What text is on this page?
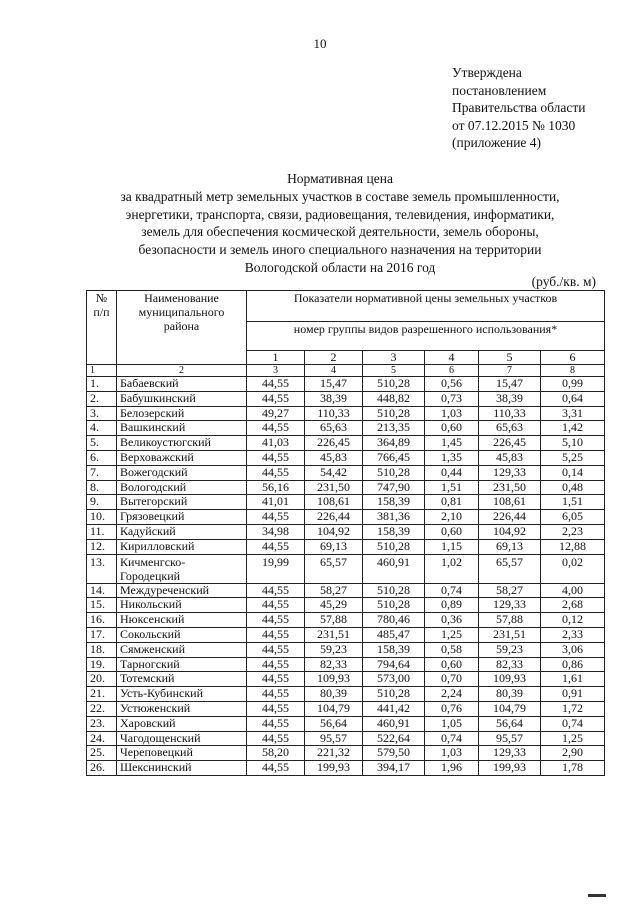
10
Утверждена
постановлением
Правительства области
от 07.12.2015 № 1030
(приложение 4)
Нормативная цена
за квадратный метр земельных участков в составе земель промышленности,
энергетики, транспорта, связи, радиовещания, телевидения, информатики,
земель для обеспечения космической деятельности, земель обороны,
безопасности и земель иного специального назначения на территории
Вологодской области на 2016 год
(руб./кв. м)
№ п/п	Наименование муниципального района	Показатели нормативной цены земельных участков					
		номер группы видов разрешенного использования*					
		1	2	3	4	5	6
1	2	3	4	5	6	7	8
1.	Бабаевский	44,55	15,47	510,28	0,56	15,47	0,99
2.	Бабушкинский	44,55	38,39	448,82	0,73	38,39	0,64
3.	Белозерский	49,27	110,33	510,28	1,03	110,33	3,31
4.	Вашкинский	44,55	65,63	213,35	0,60	65,63	1,42
5.	Великоустюгский	41,03	226,45	364,89	1,45	226,45	5,10
6.	Верховажский	44,55	45,83	766,45	1,35	45,83	5,25
7.	Вожегодский	44,55	54,42	510,28	0,44	129,33	0,14
8.	Вологодский	56,16	231,50	747,90	1,51	231,50	0,48
9.	Вытегорский	41,01	108,61	158,39	0,81	108,61	1,51
10.	Грязовецкий	44,55	226,44	381,36	2,10	226,44	6,05
11.	Кадуйский	34,98	104,92	158,39	0,60	104,92	2,23
12.	Кирилловский	44,55	69,13	510,28	1,15	69,13	12,88
13.	Кичменгско-Городецкий	19,99	65,57	460,91	1,02	65,57	0,02
14.	Междуреченский	44,55	58,27	510,28	0,74	58,27	4,00
15.	Никольский	44,55	45,29	510,28	0,89	129,33	2,68
16.	Нюксенский	44,55	57,88	780,46	0,36	57,88	0,12
17.	Сокольский	44,55	231,51	485,47	1,25	231,51	2,33
18.	Сямженский	44,55	59,23	158,39	0,58	59,23	3,06
19.	Тарногский	44,55	82,33	794,64	0,60	82,33	0,86
20.	Тотемский	44,55	109,93	573,00	0,70	109,93	1,61
21.	Усть-Кубинский	44,55	80,39	510,28	2,24	80,39	0,91
22.	Устюженский	44,55	104,79	441,42	0,76	104,79	1,72
23.	Харовский	44,55	56,64	460,91	1,05	56,64	0,74
24.	Чагодощенский	44,55	95,57	522,64	0,74	95,57	1,25
25.	Череповецкий	58,20	221,32	579,50	1,03	129,33	2,90
26.	Шекснинский	44,55	199,93	394,17	1,96	199,93	1,78
